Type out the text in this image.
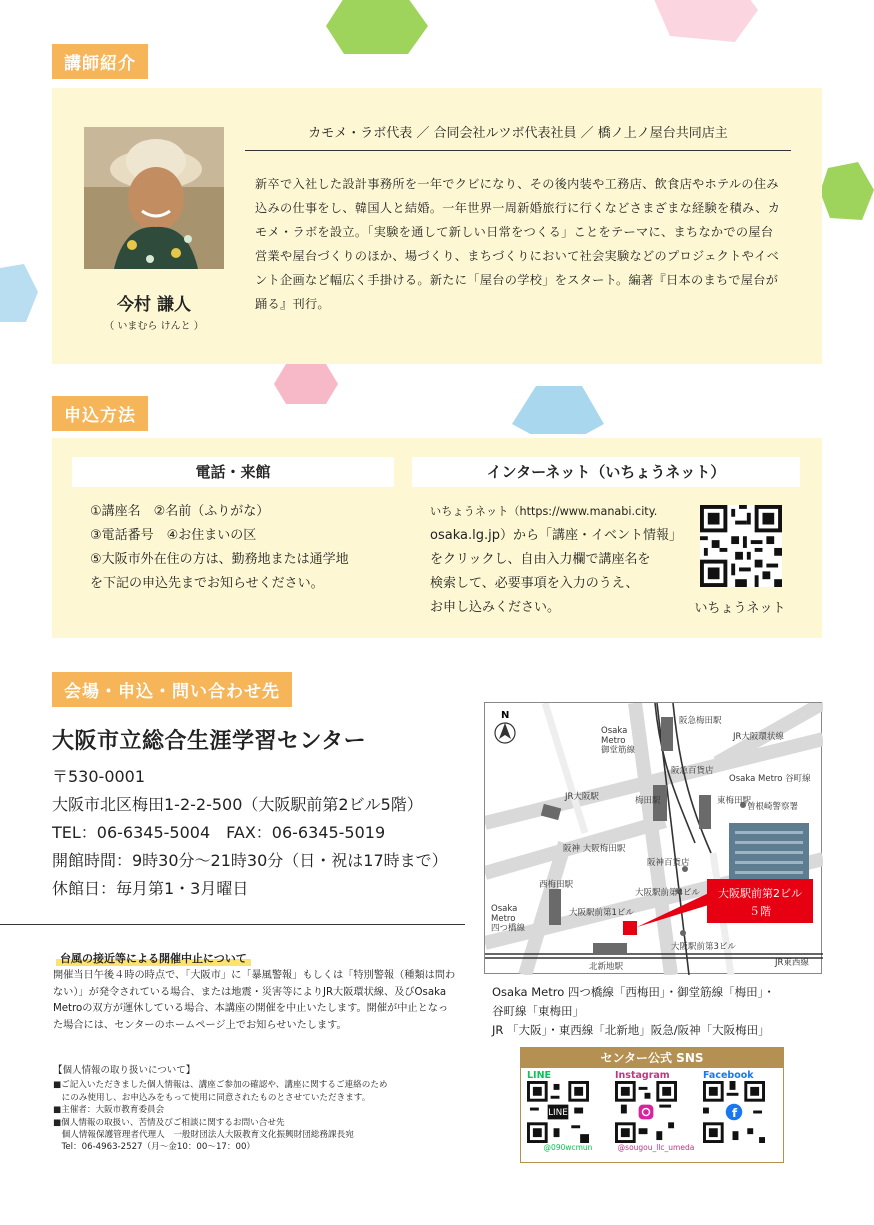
講師紹介
今村 謙人
（ いまむら けんと ）
カモメ・ラボ代表 ／ 合同会社ルツボ代表社員 ／ 橋ノ上ノ屋台共同店主
新卒で入社した設計事務所を一年でクビになり、その後内装や工務店、飲食店やホテルの住み込みの仕事をし、韓国人と結婚。一年世界一周新婚旅行に行くなどさまざまな経験を積み、カモメ・ラボを設立。「実験を通して新しい日常をつくる」ことをテーマに、まちなかでの屋台営業や屋台づくりのほか、場づくり、まちづくりにおいて社会実験などのプロジェクトやイベント企画など幅広く手掛ける。新たに「屋台の学校」をスタート。編著『日本のまちで屋台が踊る』刊行。
申込方法
電話・来館	インターネット（いちょうネット）
①講座名　②名前（ふりがな）
③電話番号　④お住まいの区
⑤大阪市外在住の方は、勤務地または通学地
を下記の申込先までお知らせください。
いちょうネット（https://www.manabi.city.
osaka.lg.jp）から「講座・イベント情報」
をクリックし、自由入力欄で講座名を
検索して、必要事項を入力のうえ、
お申し込みください。	いちょうネット
会場・申込・問い合わせ先
大阪市立総合生涯学習センター
〒530-0001
大阪市北区梅田1-2-2-500（大阪駅前第2ビル5階）
TEL：06-6345-5004　FAX：06-6345-5019
開館時間：9時30分～21時30分（日・祝は17時まで）
休館日：毎月第1・3月曜日
台風の接近等による開催中止について
開催当日午後４時の時点で、「大阪市」に「暴風警報」もしくは「特別警報（種類は問わない）」が発令されている場合、または地震・災害等によりJR大阪環状線、及びOsaka Metroの双方が運休している場合、本講座の開催を中止いたします。開催が中止となった場合には、センターのホームページ上でお知らせいたします。
【個人情報の取り扱いについて】
■ご記入いただきました個人情報は、講座ご参加の確認や、講座に関するご連絡のため
　にのみ使用し、お申込みをもって使用に同意されたものとさせていただきます。
■主催者：大阪市教育委員会
■個人情報の取扱い、苦情及びご相談に関するお問い合せ先
　個人情報保護管理者代理人　一般財団法人大阪教育文化振興財団総務課長宛
　Tel：06-4963-2527（月～金10：00～17：00）
N
Osaka Metro 御堂筋線
阪急梅田駅
JR大阪環状線
JR大阪駅	梅田駅
阪急百貨店
Osaka Metro 谷町線
東梅田駅
曽根崎警察署
阪神 大阪梅田駅
阪神百貨店
大阪駅前第4ビル
西梅田駅
Osaka Metro 四つ橋線
大阪駅前第1ビル
大阪駅前第3ビル
北新地駅	JR東西線
大阪駅前第2ビル
５階
Osaka Metro 四つ橋線「西梅田」・御堂筋線「梅田」・
谷町線「東梅田」
JR 「大阪」・東西線「北新地」阪急/阪神「大阪梅田」
センター公式 SNS
LINE
LINE
@090wcmun
Instagram
@sougou_llc_umeda
Facebook
f
